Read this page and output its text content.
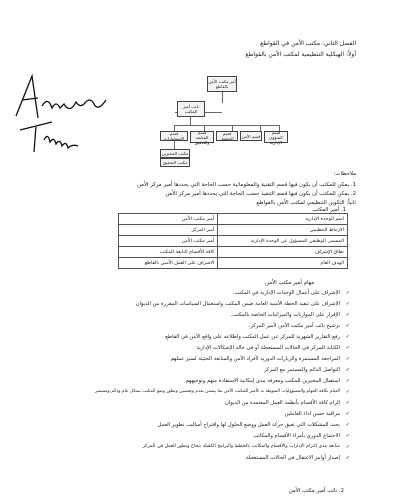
الفصل الثاني: مكتب الأمن في القواطع
أولاً: الهيكلية التنظيمية لمكتب الأمن بالقواطع
أمر مكتب الأمن بالقاطع
نائب أمير المكتب
قسم الشؤون الإدارية
قسم الأمن
قسم التحقيق
قسم المتابعة والتدقيق
قسم الاستخبارات
مكتب المخبرين
مكتب التحقيق
ملاحظات:
1. يمكن للمكتب أن يكون فيها قسم التقنية والمعلوماتية حسب الحاجة التي يحددها أمير مركز الأمن
2. يمكن للمكتب أن يكون فيها قسم التنفيذ حسب الحاجة التي يحددها أمير مركز الأمن
ثانياً: التكوين التنظيمي لمكتب الأمن بالقواطع
1. أمير المكتب
اسم الوحدة الإدارية	أمير مكتب الأمن
الارتباط التنظيمي	أمير المركز
المسمى الوظيفي للمسؤول عن الوحدة الإدارية	أمير مكتب الأمن
نطاق الإشراف	كافة الأقسام التابعة للمكتب
الهدف العام	الاشراف على العمل الأمني بالقاطع
مهام أمير مكتب الأمن
✓ الإشراف على أعمال الوحدات الإدارية في المكتب.
✓ الإشراف على تنفيذ الخطة الأمنية العامة ضمن المكتب واستعمال السياسات المقررة من الديوان
✓ الإقرار على الموازنات والميزانيات الخاصة بالمكتب.
✓ ترشيح نائب أمير مكتب الأمن لأمير المركز.
✓ رفع التقارير الشهرية للمركز عن عمل المكتب واطلاعه على واقع الأمن في القاطع
✓ الكتابة للمركز في الحالات المستعجلة أو في حالة الإشكالات الإدارية
✓ المراجعة المستمرة والزيارات الدورية لأفراد الأمن والمتابعة الحثيثة لسير عملهم
✓ التواصل الدائم والمستمر مع المركز
✓ استقبال المخبرين للمكتب ومعرفة مدى إمكانية الاستفادة منهم وتوجيههم
✓ القيام بكافة المهام والمسؤوليات المنوطة به كأمير للمكتب الأمن بما يضمن تقدم وتحسين وتطور وضع المكتب بشكل عام ودائم ومستمر
✓ إلزام كافة الأقسام بأنظمة العمل المعتمدة من الديوان
✓ مراقبة حسن اداء العاملين
✓ بحث المشكلات التي تعيق حركة العمل ووضع الحلول لها واقتراح أساليب تطوير العمل
✓ الاجتماع الدوري بأمراء الأقسام والمكاتب
✓ متابعة مدى التزام الإدارات والأقسام والمكاتب بالخطط والبرامج الكفيلة بنجاح وتطور العمل في المركز
✓ إصدار أوامر الاعتقال في الحالات المستعجلة.
2. نائب أمير مكتب الأمن
